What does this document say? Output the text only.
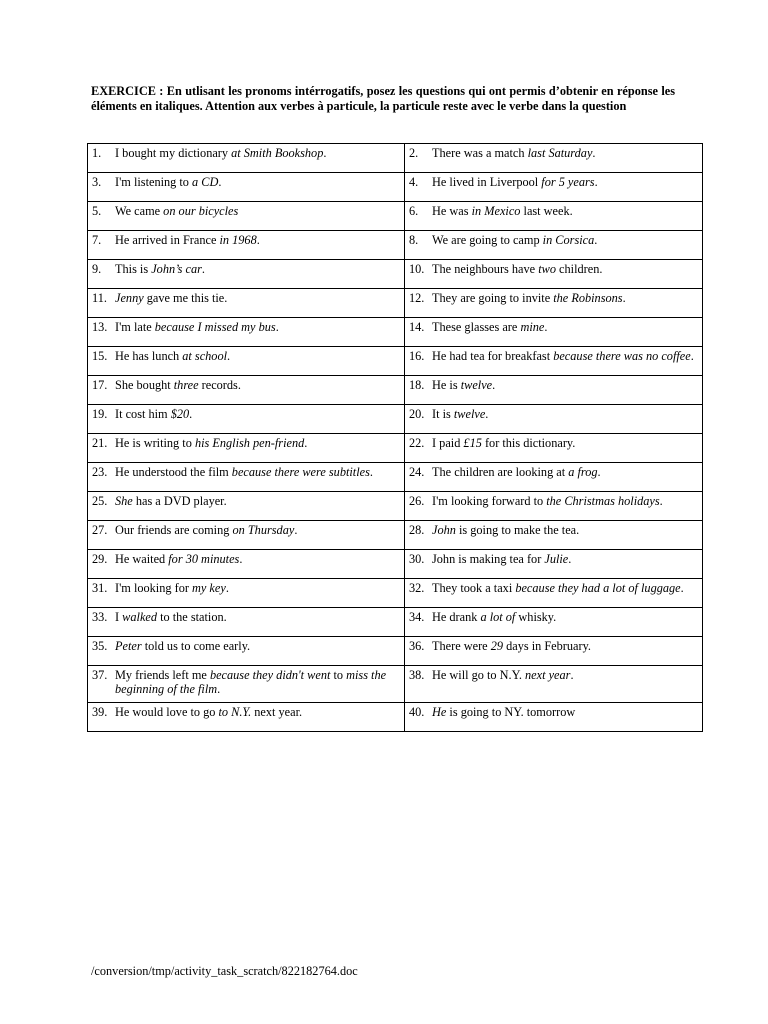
EXERCICE : En utlisant les pronoms intérrogatifs, posez les questions qui ont permis d’obtenir en réponse les éléments en italiques. Attention aux verbes à particule, la particule reste avec le verbe dans la question

1. I bought my dictionary at Smith Bookshop.	2. There was a match last Saturday.

3. I'm listening to a CD.	4. He lived in Liverpool for 5 years.

5. We came on our bicycles	6. He was in Mexico last week.

7. He arrived in France in 1968.	8. We are going to camp in Corsica.

9. This is John’s car.	10. The neighbours have two children.

11. Jenny gave me this tie.	12. They are going to invite the Robinsons.

13. I'm late because I missed my bus.	14. These glasses are mine.

15. He has lunch at school.	16. He had tea for breakfast because there was no coffee.

17. She bought three records.	18. He is twelve.

19. It cost him $20.	20. It is twelve.

21. He is writing to his English pen-friend.	22. I paid £15 for this dictionary.

23. He understood the film because there were subtitles.	24. The children are looking at a frog.

25. She has a DVD player.	26. I'm looking forward to the Christmas holidays.

27. Our friends are coming on Thursday.	28. John is going to make the tea.

29. He waited for 30 minutes.	30. John is making tea for Julie.

31. I'm looking for my key.	32. They took a taxi because they had a lot of luggage.

33. I walked to the station.	34. He drank a lot of whisky.

35. Peter told us to come early.	36. There were 29 days in February.

37. My friends left me because they didn't went to miss the beginning of the film.	38. He will go to N.Y. next year.

39. He would love to go to N.Y. next year.	40. He is going to NY. tomorrow

/conversion/tmp/activity_task_scratch/822182764.doc
